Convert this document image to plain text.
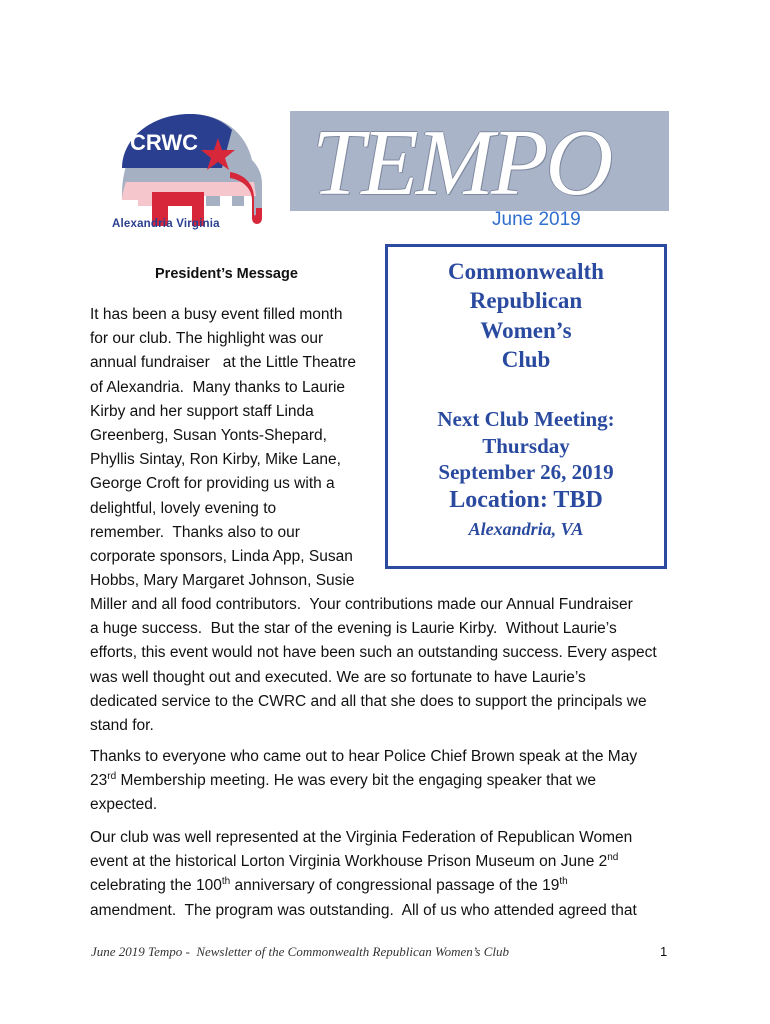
CRWC
Alexandria Virginia
TEMPO
June 2019
Commonwealth
Republican
Women’s
Club
Next Club Meeting:
Thursday
September 26, 2019
Location: TBD
Alexandria, VA
President’s Message
It has been a busy event filled month
for our club. The highlight was our
annual fundraiser   at the Little Theatre
of Alexandria.  Many thanks to Laurie
Kirby and her support staff Linda
Greenberg, Susan Yonts-Shepard,
Phyllis Sintay, Ron Kirby, Mike Lane,
George Croft for providing us with a
delightful, lovely evening to
remember.  Thanks also to our
corporate sponsors, Linda App, Susan
Hobbs, Mary Margaret Johnson, Susie
Miller and all food contributors.  Your contributions made our Annual Fundraiser
a huge success.  But the star of the evening is Laurie Kirby.  Without Laurie’s
efforts, this event would not have been such an outstanding success. Every aspect
was well thought out and executed. We are so fortunate to have Laurie’s
dedicated service to the CWRC and all that she does to support the principals we
stand for.
Thanks to everyone who came out to hear Police Chief Brown speak at the May
23rd Membership meeting. He was every bit the engaging speaker that we
expected.
Our club was well represented at the Virginia Federation of Republican Women
event at the historical Lorton Virginia Workhouse Prison Museum on June 2nd
celebrating the 100th anniversary of congressional passage of the 19th
amendment.  The program was outstanding.  All of us who attended agreed that
June 2019 Tempo -  Newsletter of the Commonwealth Republican Women’s Club	1
